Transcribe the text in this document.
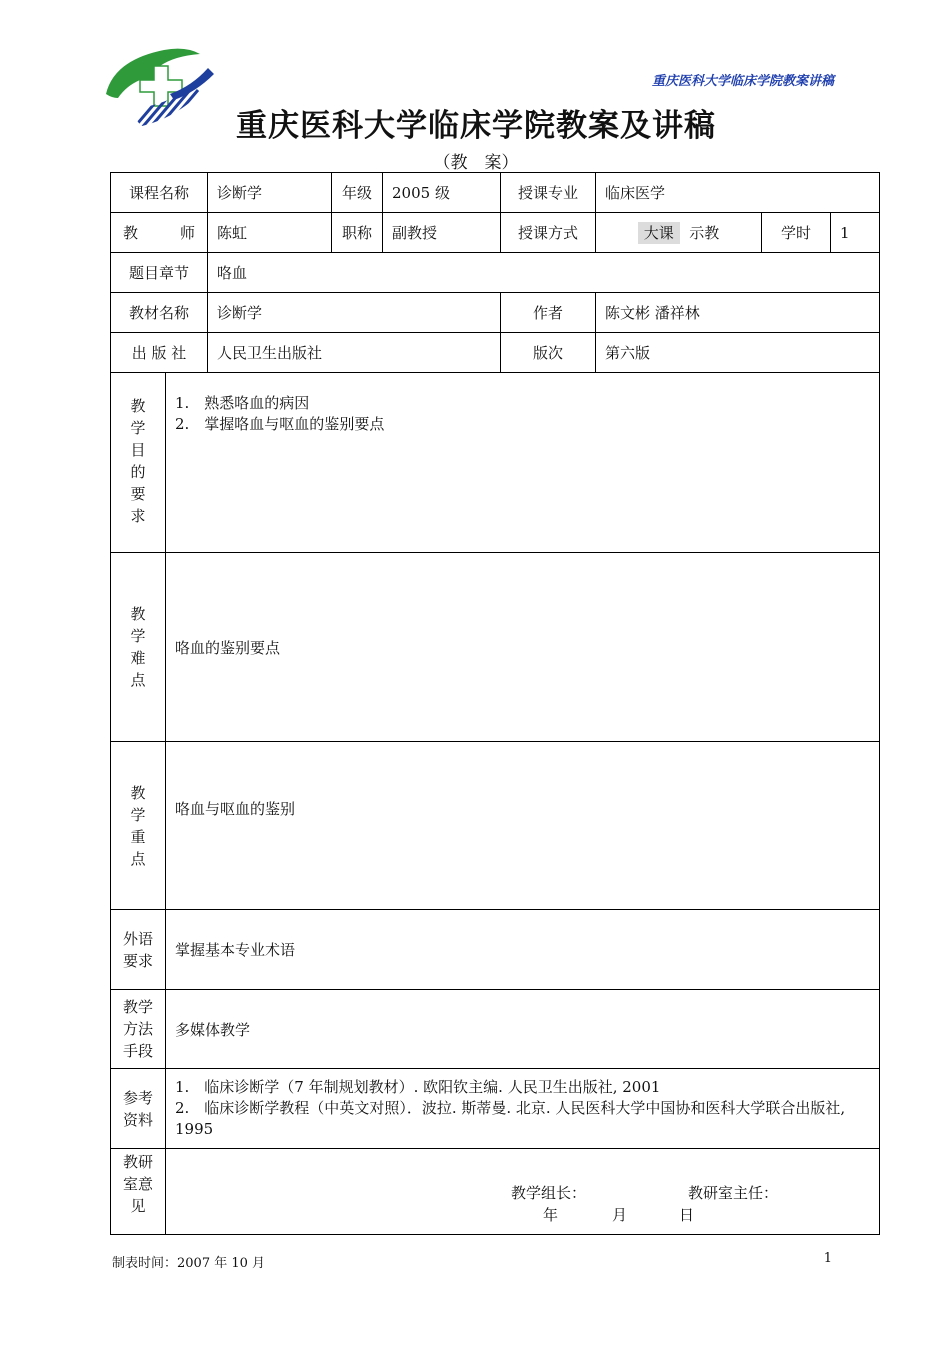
重庆医科大学临床学院教案讲稿
重庆医科大学临床学院教案及讲稿
（教　案）
课程名称		诊断学	年级	2005 级	授课专业	临床医学		
教　师		陈虹	职称	副教授	授课方式	大课 示教	学时	1
题目章节		咯血						
教材名称		诊断学			作者	陈文彬 潘祥林		
出 版 社		人民卫生出版社			版次	第六版		

教学目的要求	1.　熟悉咯血的病因
2.　掌握咯血与呕血的鉴别要点							

教学难点	咯血的鉴别要点							

教学重点	咯血与呕血的鉴别							

外语要求	掌握基本专业术语							

教学方法手段	多媒体教学							

参考资料	1.　临床诊断学（7 年制规划教材）. 欧阳钦主编. 人民卫生出版社, 2001
2.　临床诊断学教程（中英文对照）．波拉. 斯蒂曼. 北京. 人民医科大学中国协和医科大学联合出版社, 1995							

教研室意见	教学组长： 教研室主任：
年 月 日							
制表时间：2007 年 10 月	1
